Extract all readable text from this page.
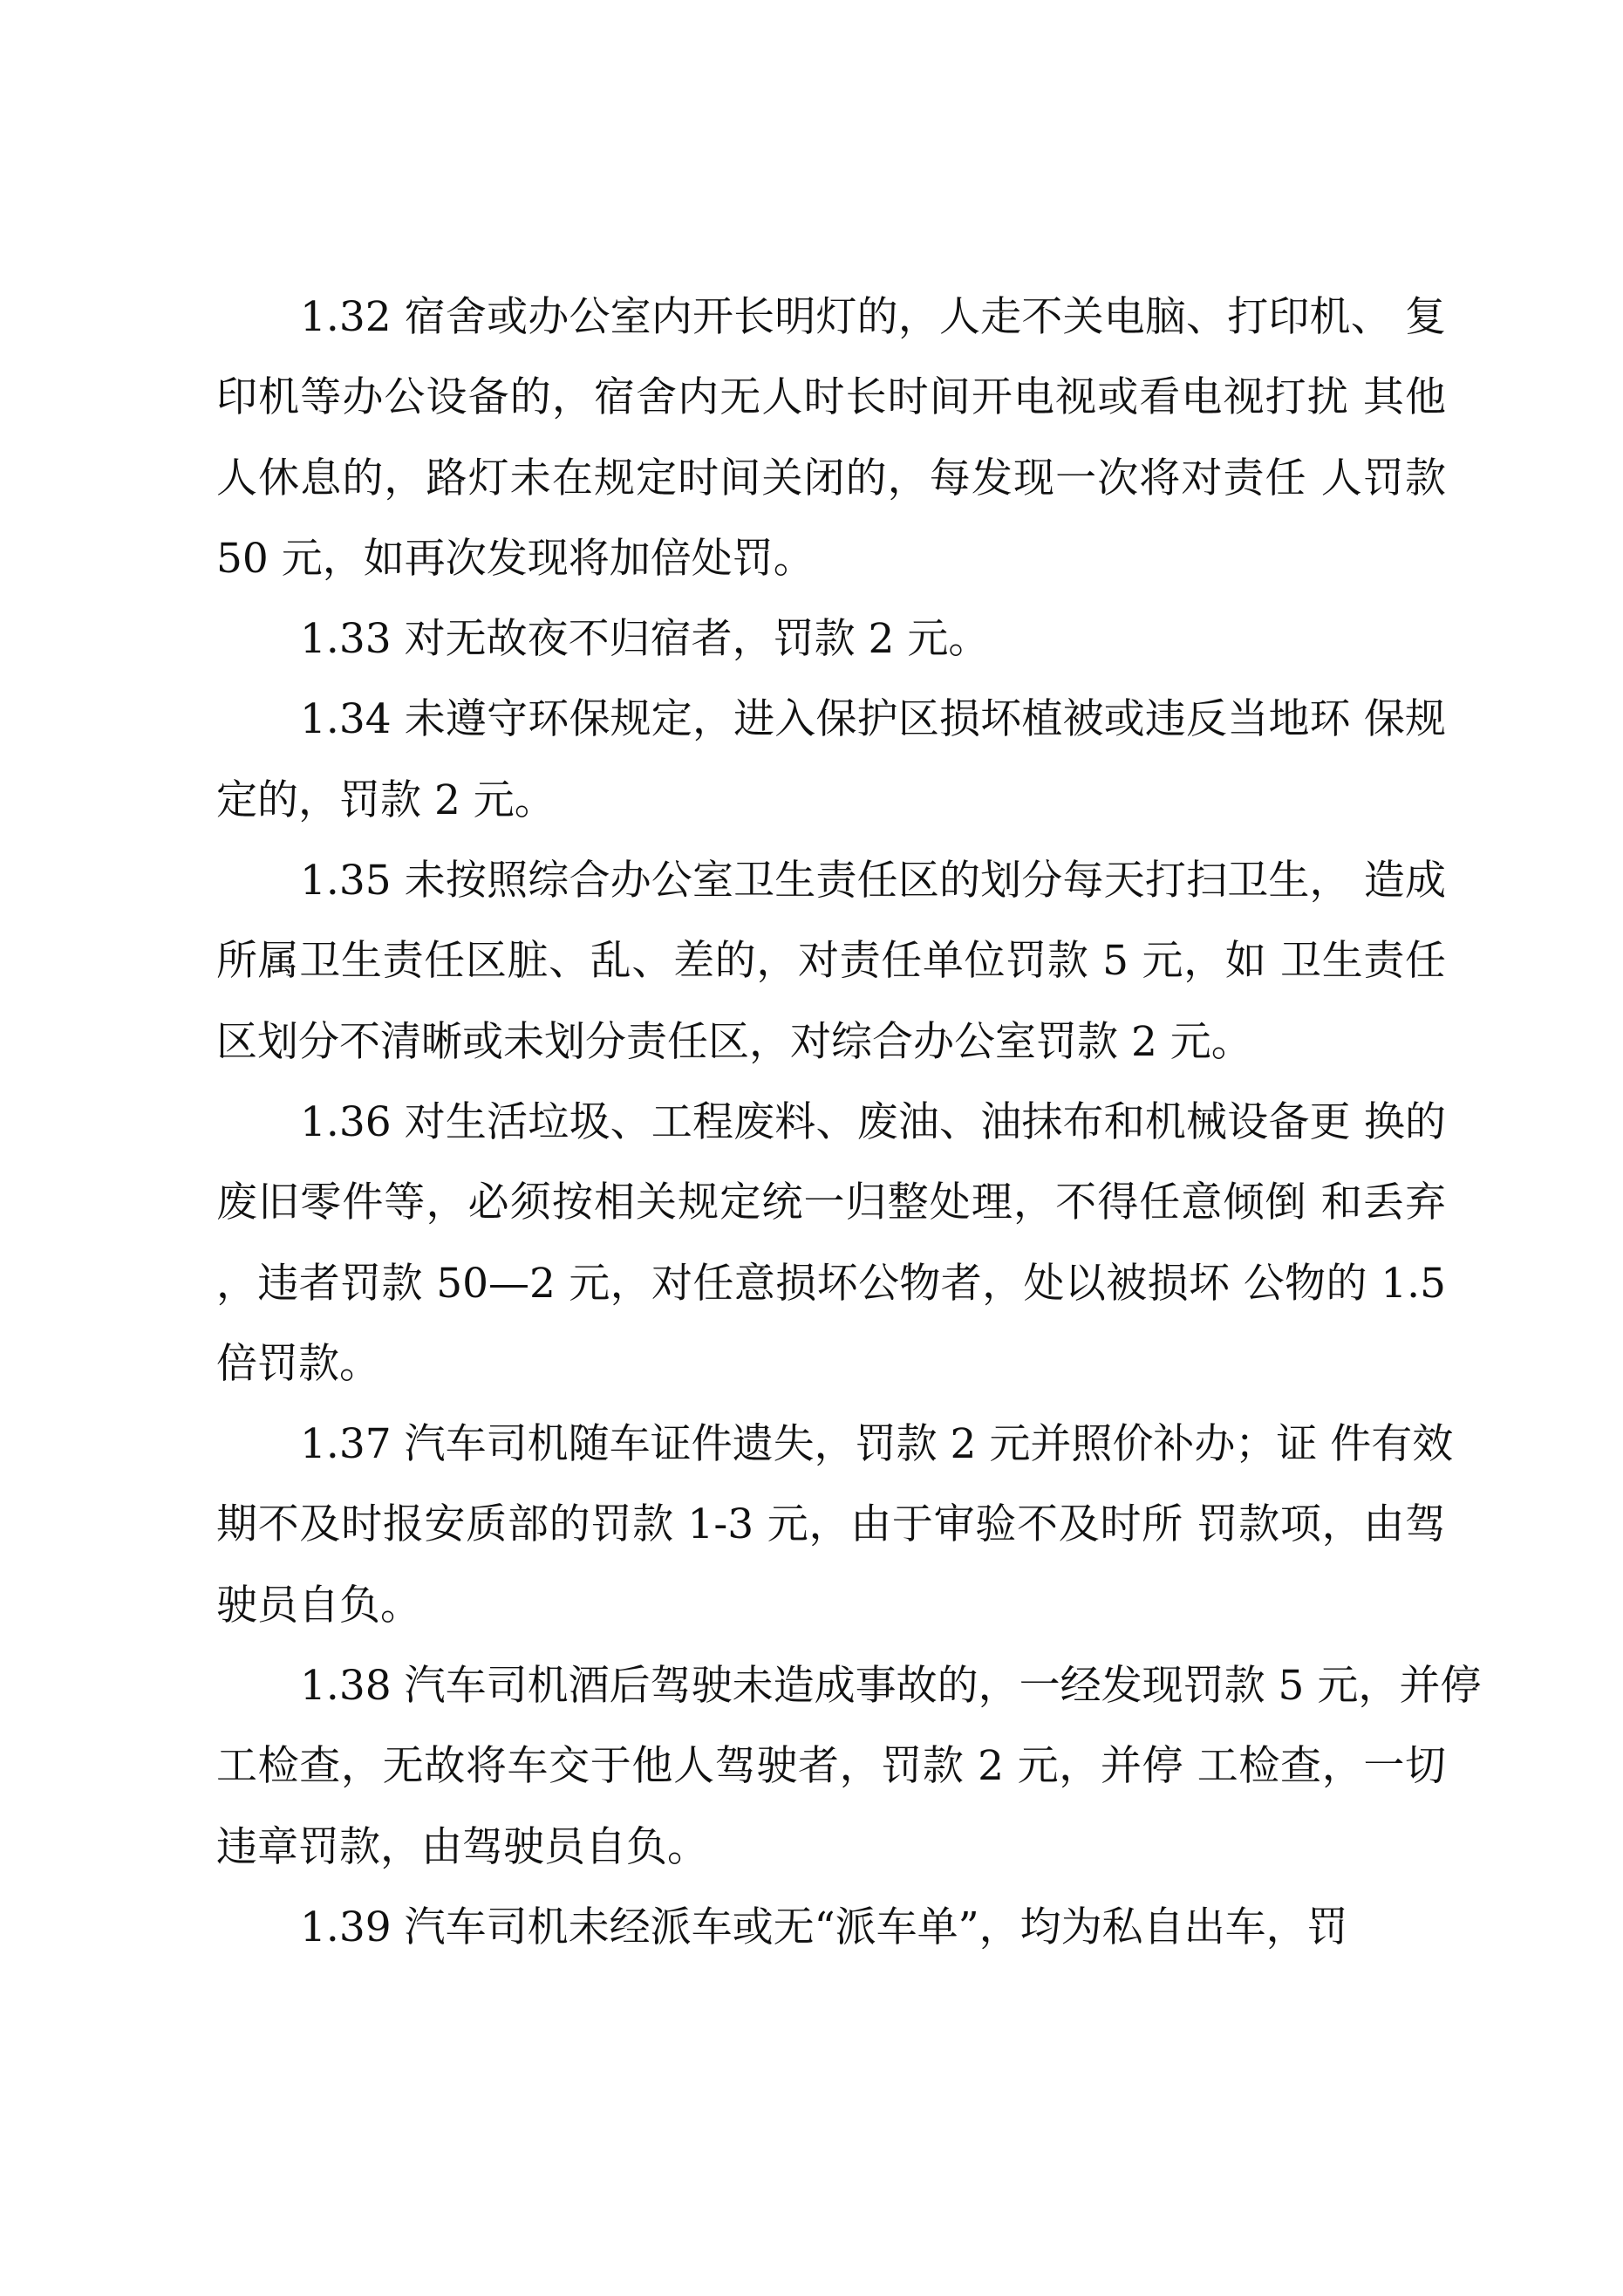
1.32 宿舍或办公室内开长明灯的，人走不关电脑、打印机、 复
印机等办公设备的，宿舍内无人时长时间开电视或看电视打扰 其他
人休息的，路灯未在规定时间关闭的，每发现一次将对责任 人罚款
50 元，如再次发现将加倍处罚。
1.33 对无故夜不归宿者，罚款 2 元。
1.34 未遵守环保规定，进入保护区损坏植被或违反当地环 保规
定的，罚款 2 元。
1.35 未按照综合办公室卫生责任区的划分每天打扫卫生， 造成
所属卫生责任区脏、乱、差的，对责任单位罚款 5 元，如 卫生责任
区划分不清晰或未划分责任区，对综合办公室罚款 2 元。
1.36 对生活垃圾、工程废料、废油、油抹布和机械设备更 换的
废旧零件等，必须按相关规定统一归整处理，不得任意倾倒 和丢弃
，违者罚款 50—2 元，对任意损坏公物者，处以被损坏 公物的 1.5
倍罚款。
1.37 汽车司机随车证件遗失，罚款 2 元并照价补办；证 件有效
期不及时报安质部的罚款 1-3 元，由于审验不及时所 罚款项，由驾
驶员自负。
1.38 汽车司机酒后驾驶未造成事故的，一经发现罚款 5 元，并停
工检查，无故将车交于他人驾驶者，罚款 2 元，并停 工检查，一切
违章罚款，由驾驶员自负。
1.39 汽车司机未经派车或无“派车单”，均为私自出车，罚
